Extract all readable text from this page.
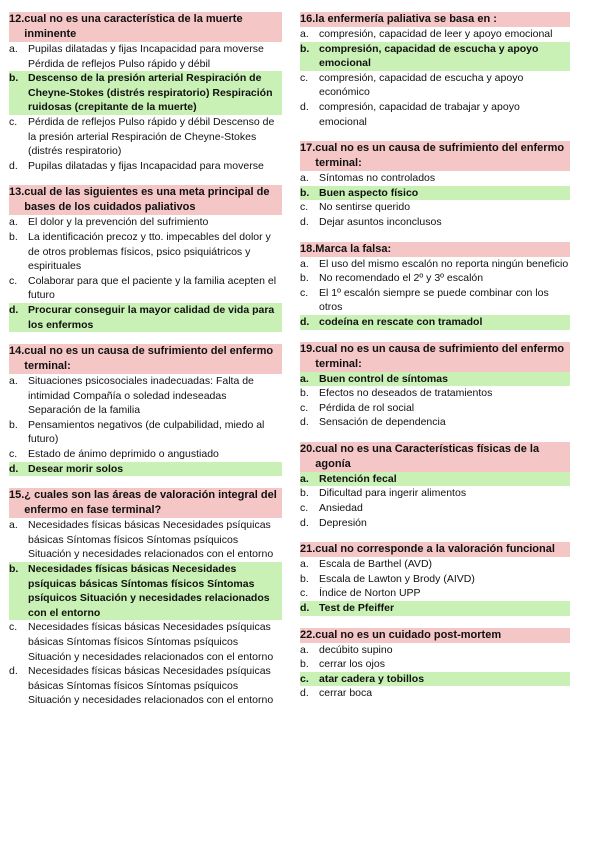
12. cual no es una característica de la muerte inminente
a. Pupilas dilatadas y fijas Incapacidad para moverse Pérdida de reflejos Pulso rápido y débil
b. Descenso de la presión arterial Respiración de Cheyne-Stokes (distrés respiratorio) Respiración ruidosas (crepitante de la muerte)
c.	Pérdida de reflejos Pulso rápido y débil Descenso de la presión arterial Respiración de Cheyne-Stokes (distrés respiratorio)
d. Pupilas dilatadas y fijas Incapacidad para moverse
13. cual de las siguientes es una meta principal de bases de los cuidados paliativos
a. El dolor y la prevención del sufrimiento
b. La identificación precoz y tto. impecables del dolor y de otros problemas físicos, psico psiquiátricos y espirituales
c.	Colaborar para que el paciente y la familia acepten el futuro
d. Procurar conseguir la mayor calidad de vida para los enfermos
14. cual no es un causa de sufrimiento del enfermo terminal:
a. Situaciones psicosociales inadecuadas: Falta de intimidad Compañía o soledad indeseadas Separación de la familia
b. Pensamientos negativos (de culpabilidad, miedo al futuro)
c.	Estado de ánimo deprimido o angustiado
d. Desear morir solos
15. ¿ cuales son las áreas de valoración integral del enfermo en fase terminal?
a. Necesidades físicas básicas Necesidades psíquicas básicas Síntomas físicos Síntomas psíquicos Situación y necesidades relacionados con el entorno
b. Necesidades físicas básicas Necesidades psíquicas básicas Síntomas físicos Síntomas psíquicos Situación y necesidades relacionados con el entorno
c.	Necesidades físicas básicas Necesidades psíquicas básicas Síntomas físicos Síntomas psíquicos Situación y necesidades relacionados con el entorno
d. Necesidades físicas básicas Necesidades psíquicas básicas Síntomas físicos Síntomas psíquicos Situación y necesidades relacionados con el entorno
16. la enfermería paliativa se basa en :
a. compresión, capacidad de leer y apoyo emocional
b. compresión, capacidad de escucha y apoyo emocional
c.	compresión, capacidad de escucha y apoyo económico
d. compresión, capacidad de trabajar y apoyo emocional
17. cual no es un causa de sufrimiento del enfermo terminal:
a. Síntomas no controlados
b. Buen aspecto físico
c.	No sentirse querido
d. Dejar asuntos inconclusos
18. Marca la falsa:
a. El uso del mismo escalón no reporta ningún beneficio
b. No recomendado el 2º y 3º escalón
c.	El 1º escalón siempre se puede combinar con los otros
d. codeína en rescate con tramadol
19. cual no es un causa de sufrimiento del enfermo terminal:
a. Buen control de síntomas
b. Efectos no deseados de tratamientos
c.	Pérdida de rol social
d. Sensación de dependencia
20. cual no es una Características físicas de la agonía
a. Retención fecal
b. Dificultad para ingerir alimentos
c.	Ansiedad
d. Depresión
21. cual no corresponde a la valoración funcional
a. Escala de Barthel (AVD)
b. Escala de Lawton y Brody (AIVD)
c.	Índice de Norton UPP
d. Test de Pfeiffer
22. cual no es un cuidado post-mortem
a. decúbito supino
b. cerrar los ojos
c. atar cadera y tobillos
d. cerrar boca
